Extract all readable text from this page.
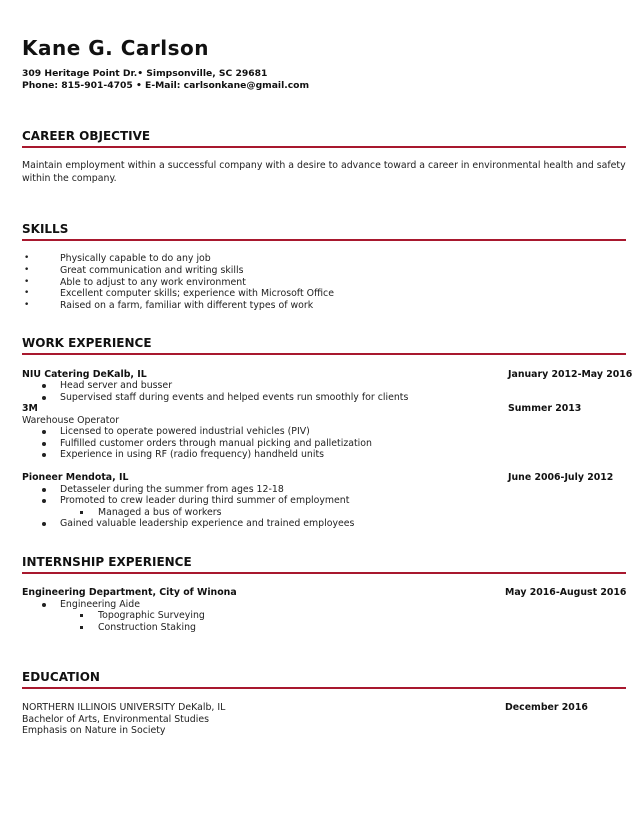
Kane G. Carlson
309 Heritage Point Dr.• Simpsonville, SC 29681
Phone: 815-901-4705 • E-Mail: carlsonkane@gmail.com
CAREER OBJECTIVE
Maintain employment within a successful company with a desire to advance toward a career in environmental health and safety
within the company.
SKILLS
•	Physically capable to do any job
•	Great communication and writing skills
•	Able to adjust to any work environment
•	Excellent computer skills; experience with Microsoft Office
•	Raised on a farm, familiar with different types of work
WORK EXPERIENCE
NIU Catering DeKalb, IL	January 2012-May 2016
Head server and busser
Supervised staff during events and helped events run smoothly for clients
3M	Summer 2013
Warehouse Operator
Licensed to operate powered industrial vehicles (PIV)
Fulfilled customer orders through manual picking and palletization
Experience in using RF (radio frequency) handheld units
Pioneer Mendota, IL	June 2006-July 2012
Detasseler during the summer from ages 12-18
Promoted to crew leader during third summer of employment
Managed a bus of workers
Gained valuable leadership experience and trained employees
INTERNSHIP EXPERIENCE
Engineering Department, City of Winona	May 2016-August 2016
Engineering Aide
Topographic Surveying
Construction Staking
EDUCATION
NORTHERN ILLINOIS UNIVERSITY DeKalb, IL	December 2016
Bachelor of Arts, Environmental Studies
Emphasis on Nature in Society
